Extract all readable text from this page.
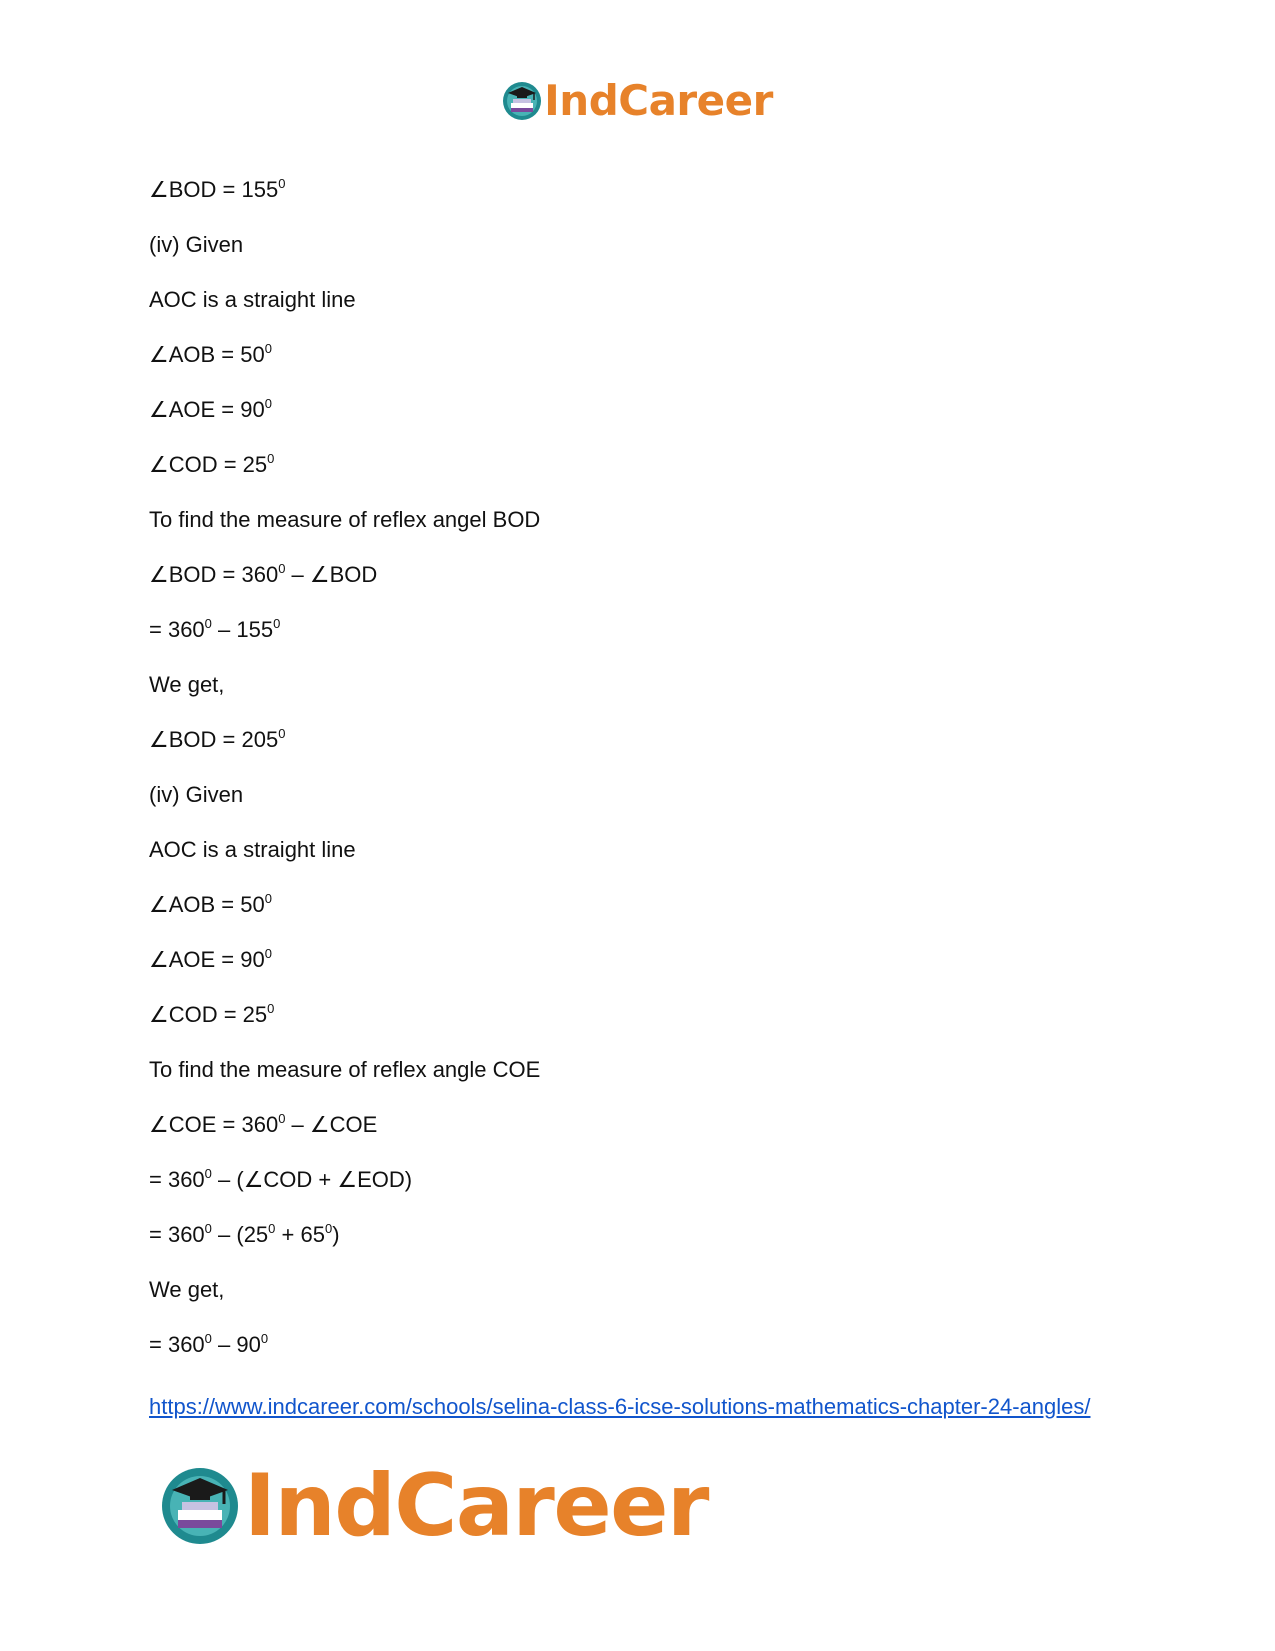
IndCareer
∠BOD = $155^0$
(iv) Given
AOC is a straight line
∠AOB = $50^0$
∠AOE = $90^0$
∠COD = $25^0$
To find the measure of reflex angel BOD
∠BOD = $360^0$ – ∠BOD
= $360^0 - 155^0$
We get,
∠BOD = $205^0$
(iv) Given
AOC is a straight line
∠AOB = $50^0$
∠AOE = $90^0$
∠COD = $25^0$
To find the measure of reflex angle COE
∠COE = $360^0$ – ∠COE
= $360^0$ – (∠COD + ∠EOD)
= $360^0 - (25^0 + 65^0)$
We get,
= $360^0 - 90^0$
https://www.indcareer.com/schools/selina-class-6-icse-solutions-mathematics-chapter-24-angles/
IndCareer
